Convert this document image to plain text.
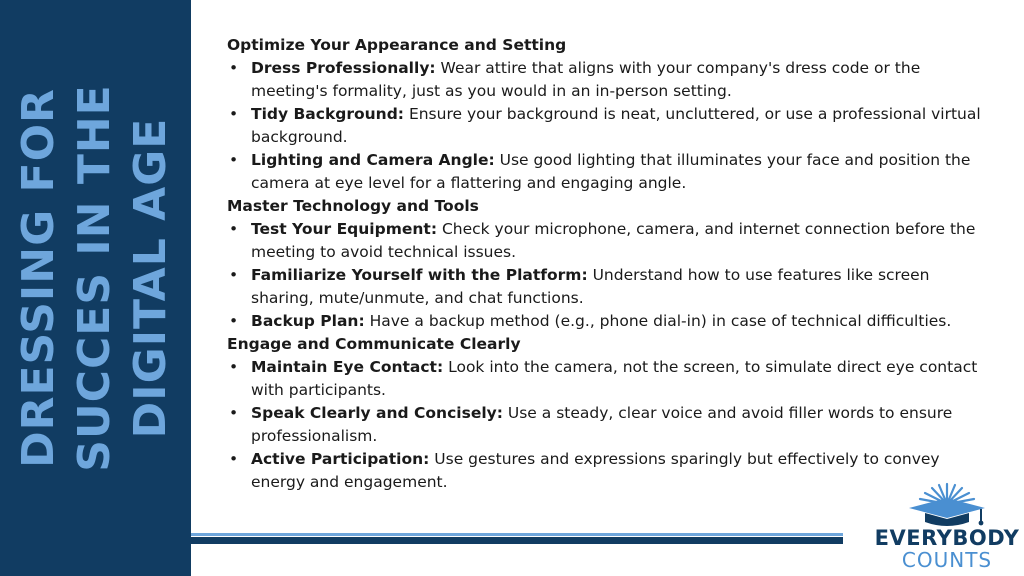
DRESSING FOR SUCCES IN THE DIGITAL AGE
Optimize Your Appearance and Setting
• Dress Professionally: Wear attire that aligns with your company's dress code or the meeting's formality, just as you would in an in-person setting.
• Tidy Background: Ensure your background is neat, uncluttered, or use a professional virtual background.
• Lighting and Camera Angle: Use good lighting that illuminates your face and position the camera at eye level for a flattering and engaging angle.
Master Technology and Tools
• Test Your Equipment: Check your microphone, camera, and internet connection before the meeting to avoid technical issues.
• Familiarize Yourself with the Platform: Understand how to use features like screen sharing, mute/unmute, and chat functions.
• Backup Plan: Have a backup method (e.g., phone dial-in) in case of technical difficulties.
Engage and Communicate Clearly
• Maintain Eye Contact: Look into the camera, not the screen, to simulate direct eye contact with participants.
• Speak Clearly and Concisely: Use a steady, clear voice and avoid filler words to ensure professionalism.
• Active Participation: Use gestures and expressions sparingly but effectively to convey energy and engagement.
EVERYBODY
COUNTS
